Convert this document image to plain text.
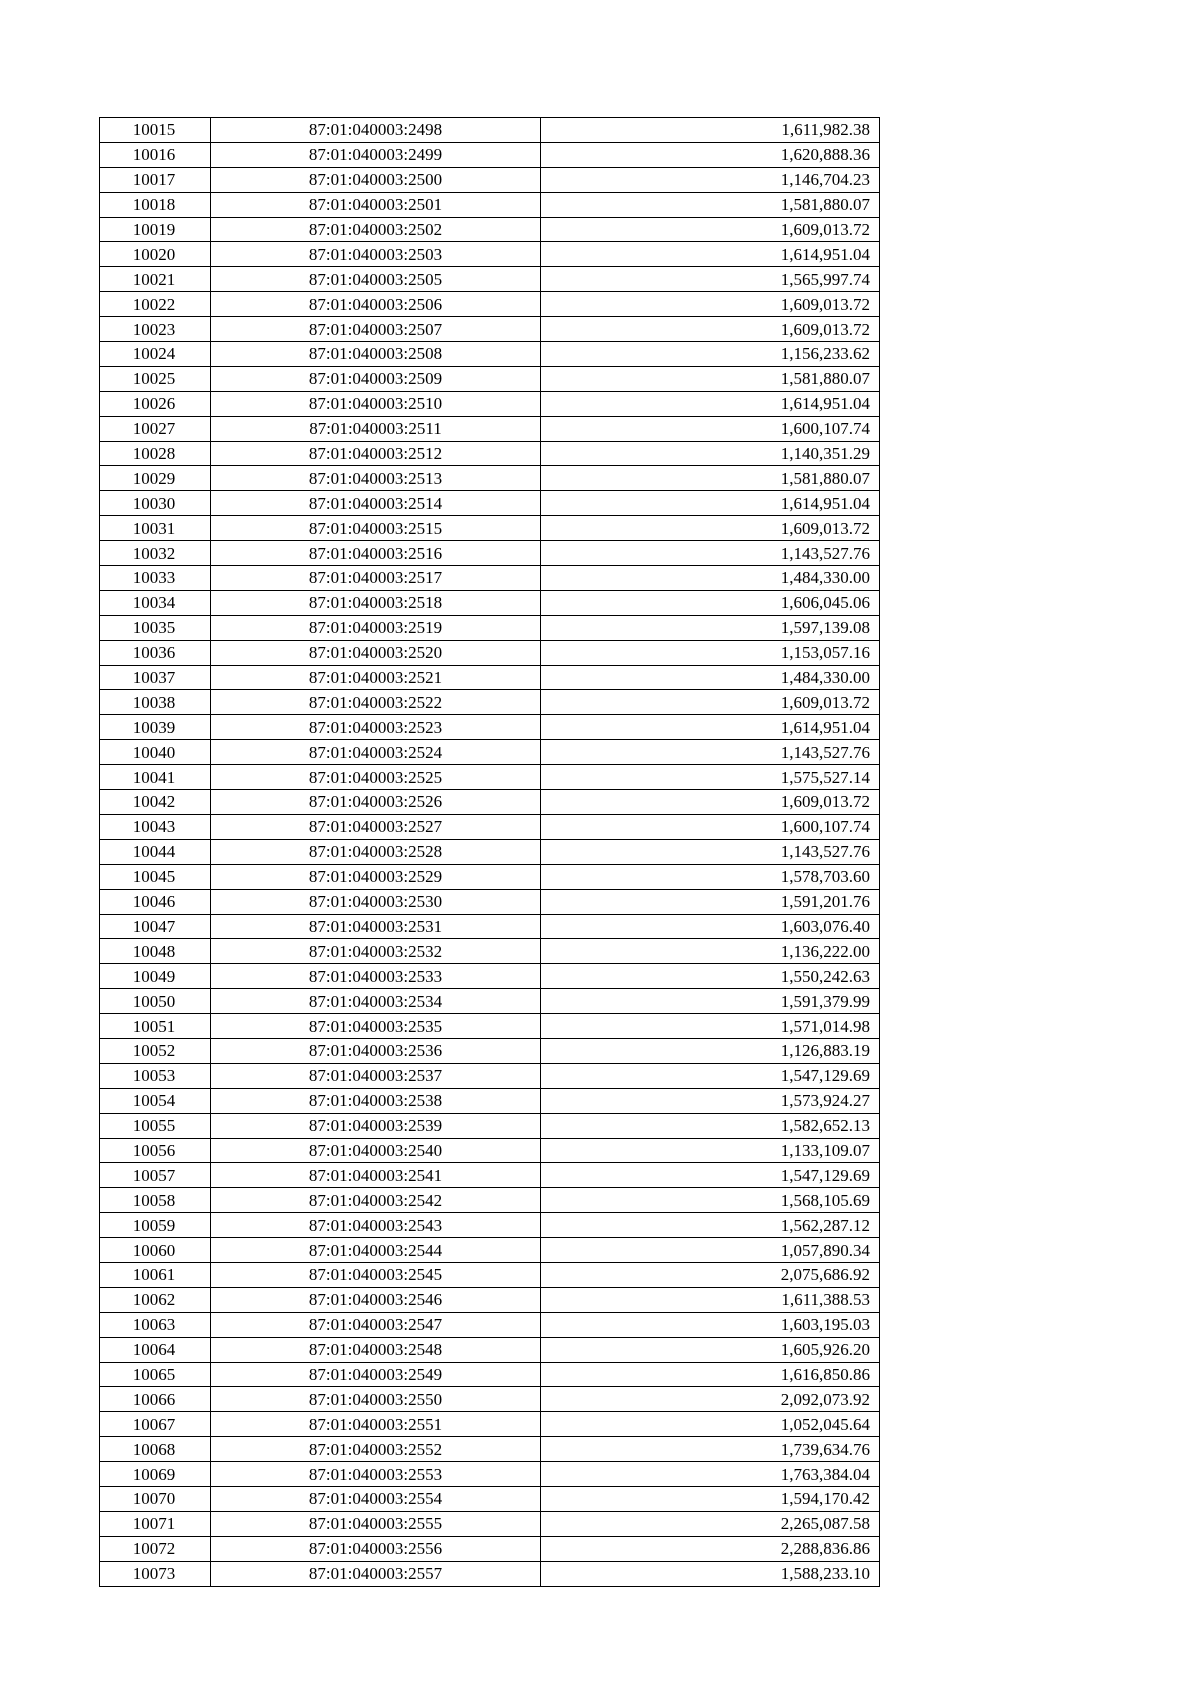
10015	87:01:040003:2498	1,611,982.38
10016	87:01:040003:2499	1,620,888.36
10017	87:01:040003:2500	1,146,704.23
10018	87:01:040003:2501	1,581,880.07
10019	87:01:040003:2502	1,609,013.72
10020	87:01:040003:2503	1,614,951.04
10021	87:01:040003:2505	1,565,997.74
10022	87:01:040003:2506	1,609,013.72
10023	87:01:040003:2507	1,609,013.72
10024	87:01:040003:2508	1,156,233.62
10025	87:01:040003:2509	1,581,880.07
10026	87:01:040003:2510	1,614,951.04
10027	87:01:040003:2511	1,600,107.74
10028	87:01:040003:2512	1,140,351.29
10029	87:01:040003:2513	1,581,880.07
10030	87:01:040003:2514	1,614,951.04
10031	87:01:040003:2515	1,609,013.72
10032	87:01:040003:2516	1,143,527.76
10033	87:01:040003:2517	1,484,330.00
10034	87:01:040003:2518	1,606,045.06
10035	87:01:040003:2519	1,597,139.08
10036	87:01:040003:2520	1,153,057.16
10037	87:01:040003:2521	1,484,330.00
10038	87:01:040003:2522	1,609,013.72
10039	87:01:040003:2523	1,614,951.04
10040	87:01:040003:2524	1,143,527.76
10041	87:01:040003:2525	1,575,527.14
10042	87:01:040003:2526	1,609,013.72
10043	87:01:040003:2527	1,600,107.74
10044	87:01:040003:2528	1,143,527.76
10045	87:01:040003:2529	1,578,703.60
10046	87:01:040003:2530	1,591,201.76
10047	87:01:040003:2531	1,603,076.40
10048	87:01:040003:2532	1,136,222.00
10049	87:01:040003:2533	1,550,242.63
10050	87:01:040003:2534	1,591,379.99
10051	87:01:040003:2535	1,571,014.98
10052	87:01:040003:2536	1,126,883.19
10053	87:01:040003:2537	1,547,129.69
10054	87:01:040003:2538	1,573,924.27
10055	87:01:040003:2539	1,582,652.13
10056	87:01:040003:2540	1,133,109.07
10057	87:01:040003:2541	1,547,129.69
10058	87:01:040003:2542	1,568,105.69
10059	87:01:040003:2543	1,562,287.12
10060	87:01:040003:2544	1,057,890.34
10061	87:01:040003:2545	2,075,686.92
10062	87:01:040003:2546	1,611,388.53
10063	87:01:040003:2547	1,603,195.03
10064	87:01:040003:2548	1,605,926.20
10065	87:01:040003:2549	1,616,850.86
10066	87:01:040003:2550	2,092,073.92
10067	87:01:040003:2551	1,052,045.64
10068	87:01:040003:2552	1,739,634.76
10069	87:01:040003:2553	1,763,384.04
10070	87:01:040003:2554	1,594,170.42
10071	87:01:040003:2555	2,265,087.58
10072	87:01:040003:2556	2,288,836.86
10073	87:01:040003:2557	1,588,233.10
